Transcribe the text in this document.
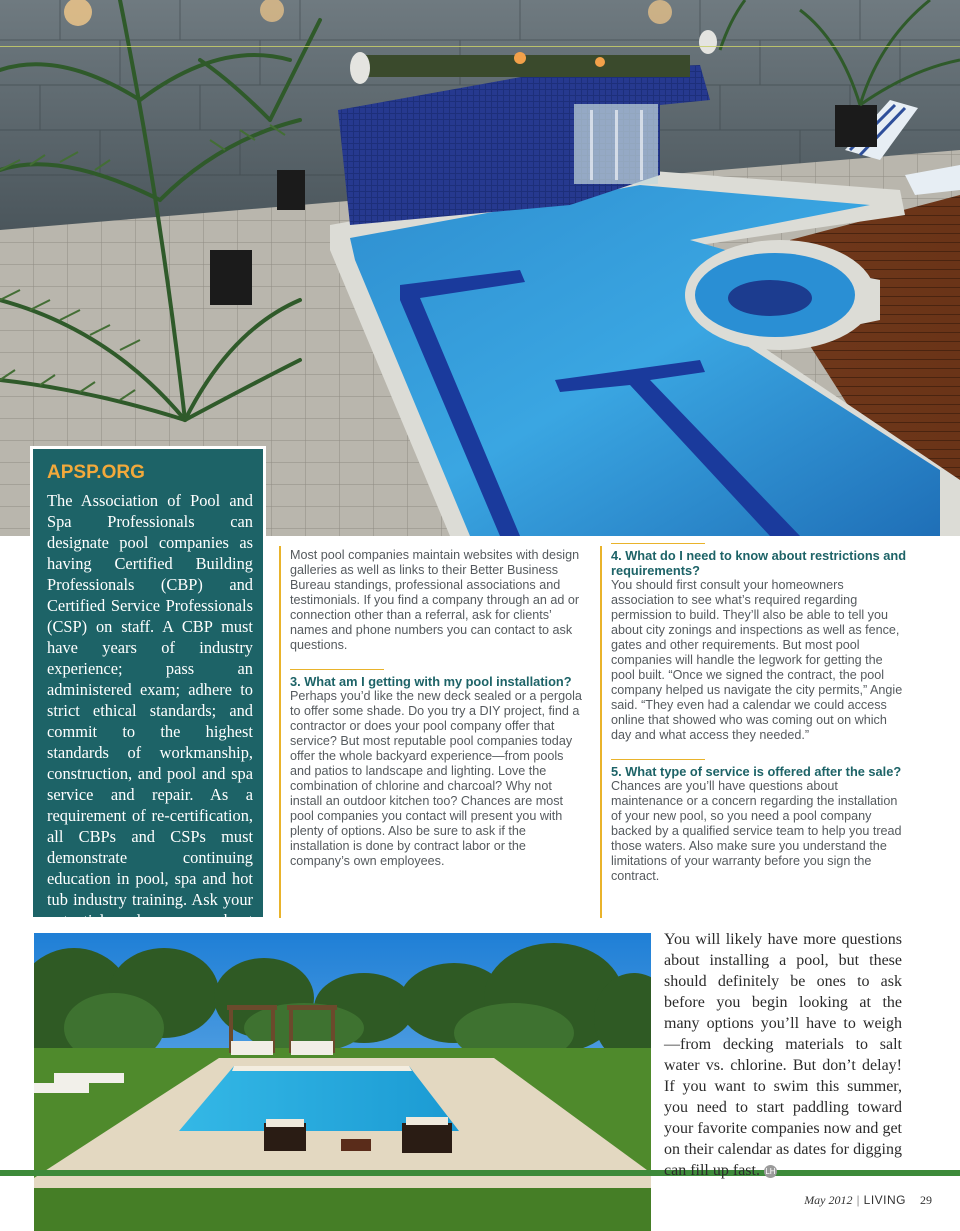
APSP.ORG

The Association of Pool and Spa Professionals can designate pool companies as having Certified Building Professionals (CBP) and Certified Service Professionals (CSP) on staff. A CBP must have years of industry experience; pass an administered exam; adhere to strict ethical standards; and commit to the highest standards of workmanship, construction, and pool and spa service and repair. As a requirement of re-certification, all CBPs and CSPs must demonstrate continuing education in pool, spa and hot tub industry training. Ask your potential pool company about

Most pool companies maintain websites with design galleries as well as links to their Better Business Bureau standings, professional associations and testimonials. If you find a company through an ad or connection other than a referral, ask for clients’ names and phone numbers you can contact to ask questions.

3. What am I getting with my pool installation?

Perhaps you’d like the new deck sealed or a pergola to offer some shade. Do you try a DIY project, find a contractor or does your pool company offer that service? But most reputable pool companies today offer the whole backyard experience—from pools and patios to landscape and lighting. Love the combination of chlorine and charcoal? Why not install an outdoor kitchen too? Chances are most pool companies you contact will present you with plenty of options. Also be sure to ask if the installation is done by contract labor or the company’s own employees.

4. What do I need to know about restrictions and requirements?

You should first consult your homeowners association to see what’s required regarding permission to build. They’ll also be able to tell you about city zonings and inspections as well as fence, gates and other requirements. But most pool companies will handle the legwork for getting the pool built. “Once we signed the contract, the pool company helped us navigate the city permits,” Angie said. “They even had a calendar we could access online that showed who was coming out on which day and what access they needed.”

5. What type of service is offered after the sale?

Chances are you’ll have questions about maintenance or a concern regarding the installation of your new pool, so you need a pool company backed by a qualified service team to help you tread those waters. Also make sure you understand the limitations of your warranty before you sign the contract.

You will likely have more questions about installing a pool, but these should definitely be ones to ask before you begin looking at the many options you’ll have to weigh—from decking materials to salt water vs. chlorine. But don’t delay! If you want to swim this summer, you need to start paddling toward your favorite companies now and get on their calendar as dates for digging can fill up fast. LH

May 2012 | LIVING 29
